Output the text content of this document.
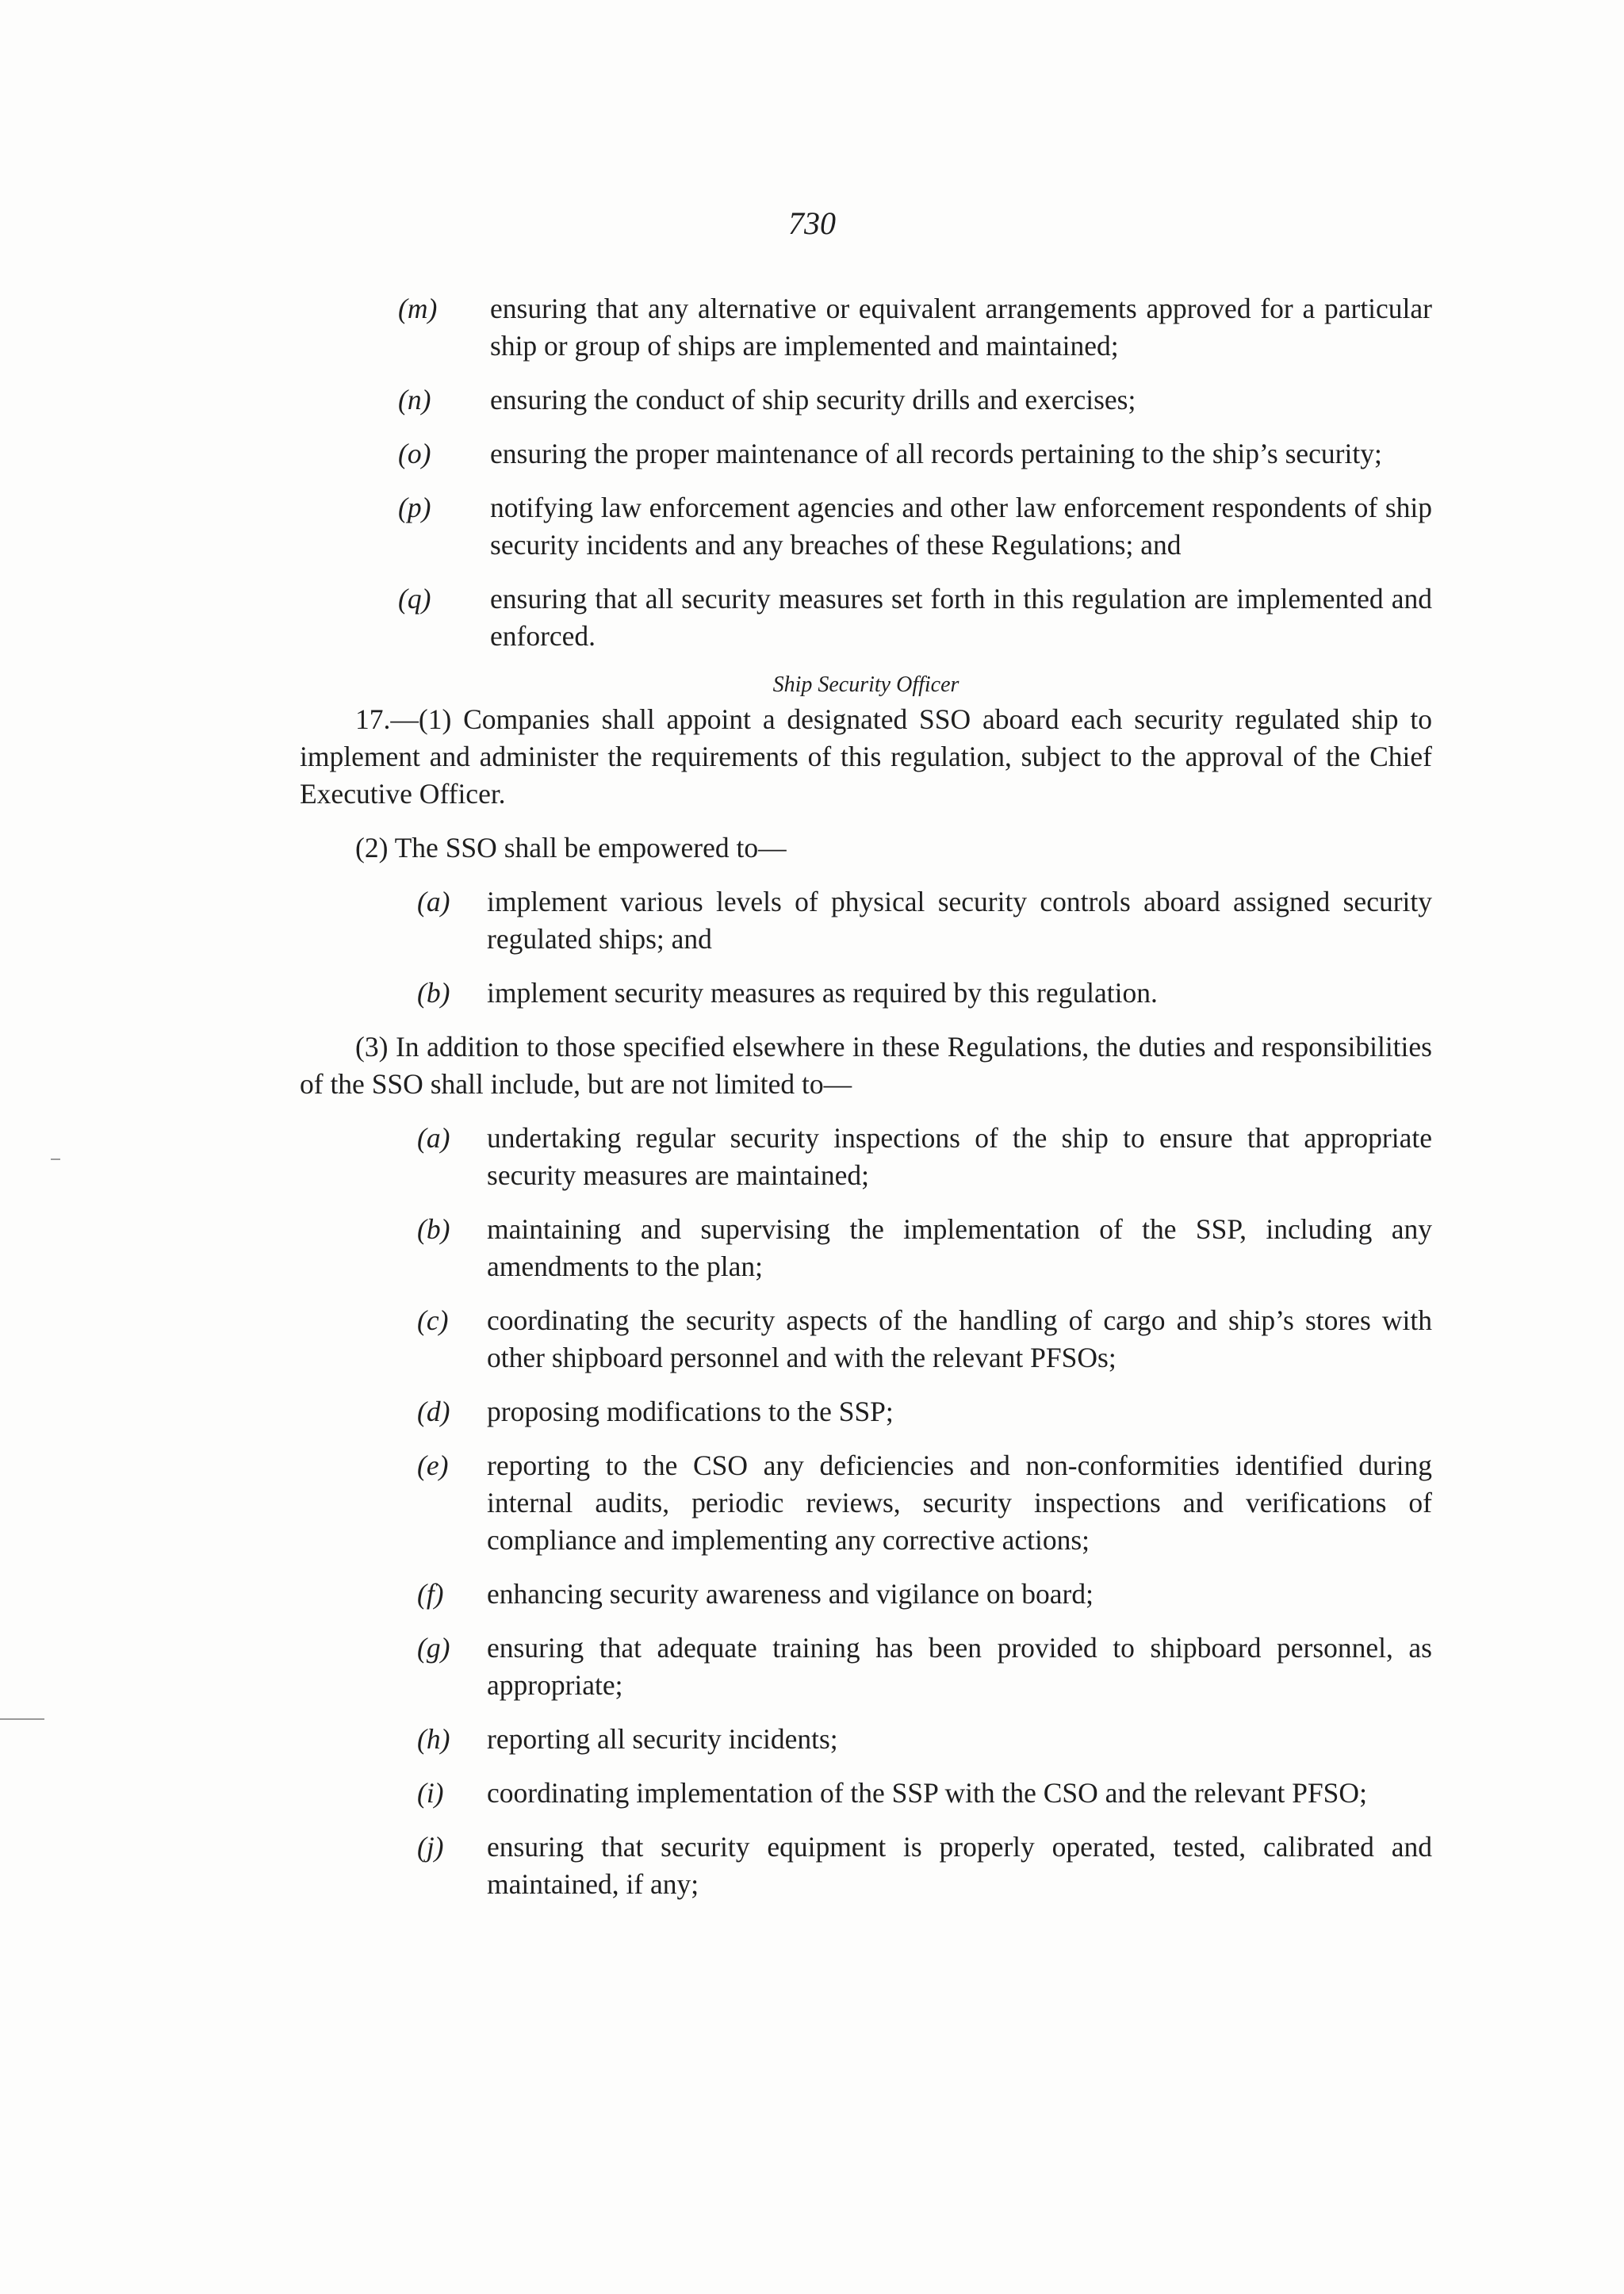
730
(m) ensuring that any alternative or equivalent arrangements approved for a particular ship or group of ships are implemented and maintained;
(n) ensuring the conduct of ship security drills and exercises;
(o) ensuring the proper maintenance of all records pertaining to the ship’s security;
(p) notifying law enforcement agencies and other law enforcement respondents of ship security incidents and any breaches of these Regulations; and
(q) ensuring that all security measures set forth in this regulation are implemented and enforced.
Ship Security Officer
17.—(1) Companies shall appoint a designated SSO aboard each security regulated ship to implement and administer the requirements of this regulation, subject to the approval of the Chief Executive Officer.
(2) The SSO shall be empowered to—
(a) implement various levels of physical security controls aboard assigned security regulated ships; and
(b) implement security measures as required by this regulation.
(3) In addition to those specified elsewhere in these Regulations, the duties and responsibilities of the SSO shall include, but are not limited to—
(a) undertaking regular security inspections of the ship to ensure that appropriate security measures are maintained;
(b) maintaining and supervising the implementation of the SSP, including any amendments to the plan;
(c) coordinating the security aspects of the handling of cargo and ship’s stores with other shipboard personnel and with the relevant PFSOs;
(d) proposing modifications to the SSP;
(e) reporting to the CSO any deficiencies and non-conformities identified during internal audits, periodic reviews, security inspections and verifications of compliance and implementing any corrective actions;
(f) enhancing security awareness and vigilance on board;
(g) ensuring that adequate training has been provided to shipboard personnel, as appropriate;
(h) reporting all security incidents;
(i) coordinating implementation of the SSP with the CSO and the relevant PFSO;
(j) ensuring that security equipment is properly operated, tested, calibrated and maintained, if any;
